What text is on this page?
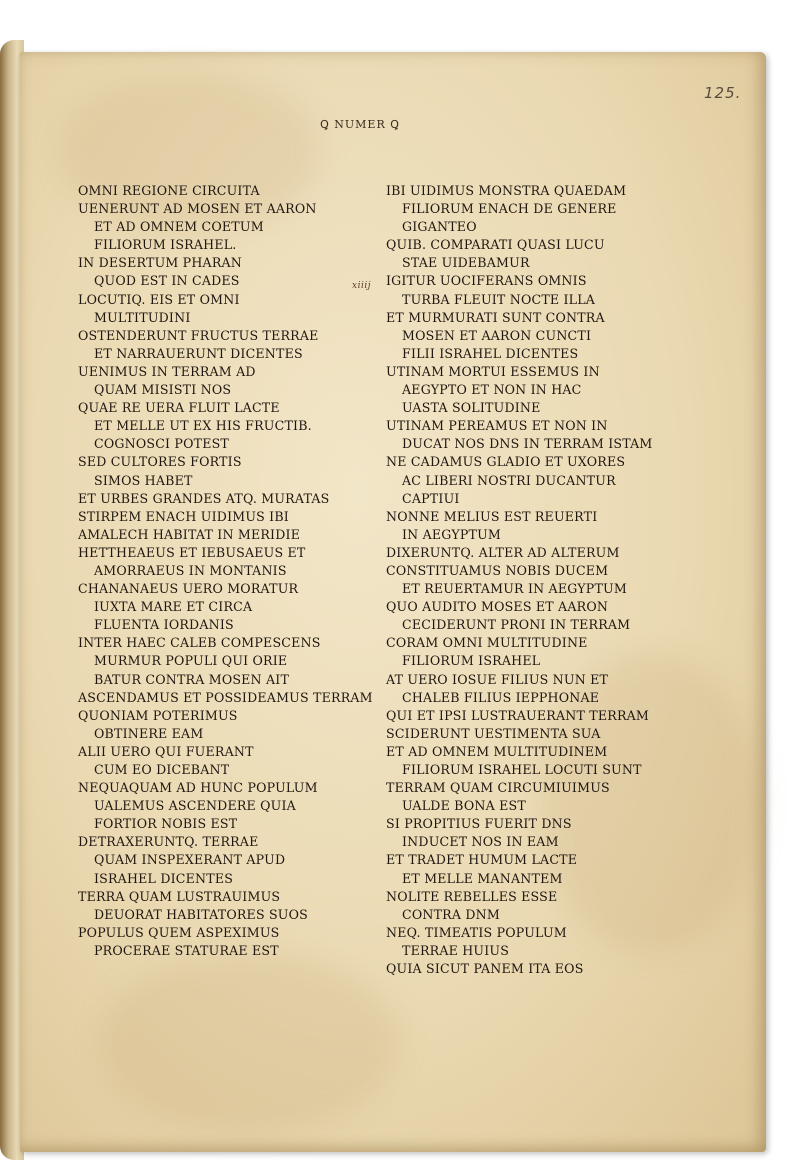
125.
Ꝗ NUMER Ꝗ
xiiij
OMNI REGIONE CIRCUITA
UENERUNT AD MOSEN ET AARON
ET AD OMNEM COETUM
FILIORUM ISRAHEL.
IN DESERTUM PHARAN
QUOD EST IN CADES
LOCUTIQ. EIS ET OMNI
MULTITUDINI
OSTENDERUNT FRUCTUS TERRAE
ET NARRAUERUNT DICENTES
UENIMUS IN TERRAM AD
QUAM MISISTI NOS
QUAE RE UERA FLUIT LACTE
ET MELLE UT EX HIS FRUCTIB.
COGNOSCI POTEST
SED CULTORES FORTIS
SIMOS HABET
ET URBES GRANDES ATQ. MURATAS
STIRPEM ENACH UIDIMUS IBI
AMALECH HABITAT IN MERIDIE
HETTHEAEUS ET IEBUSAEUS ET
AMORRAEUS IN MONTANIS
CHANANAEUS UERO MORATUR
IUXTA MARE ET CIRCA
FLUENTA IORDANIS
INTER HAEC CALEB COMPESCENS
MURMUR POPULI QUI ORIE
BATUR CONTRA MOSEN AIT
ASCENDAMUS ET POSSIDEAMUS TERRAM
QUONIAM POTERIMUS
OBTINERE EAM
ALII UERO QUI FUERANT
CUM EO DICEBANT
NEQUAQUAM AD HUNC POPULUM
UALEMUS ASCENDERE QUIA
FORTIOR NOBIS EST
DETRAXERUNTQ. TERRAE
QUAM INSPEXERANT APUD
ISRAHEL DICENTES
TERRA QUAM LUSTRAUIMUS
DEUORAT HABITATORES SUOS
POPULUS QUEM ASPEXIMUS
PROCERAE STATURAE EST
IBI UIDIMUS MONSTRA QUAEDAM
FILIORUM ENACH DE GENERE
GIGANTEO
QUIB. COMPARATI QUASI LUCU
STAE UIDEBAMUR
IGITUR UOCIFERANS OMNIS
TURBA FLEUIT NOCTE ILLA
ET MURMURATI SUNT CONTRA
MOSEN ET AARON CUNCTI
FILII ISRAHEL DICENTES
UTINAM MORTUI ESSEMUS IN
AEGYPTO ET NON IN HAC
UASTA SOLITUDINE
UTINAM PEREAMUS ET NON IN
DUCAT NOS DNS IN TERRAM ISTAM
NE CADAMUS GLADIO ET UXORES
AC LIBERI NOSTRI DUCANTUR
CAPTIUI
NONNE MELIUS EST REUERTI
IN AEGYPTUM
DIXERUNTQ. ALTER AD ALTERUM
CONSTITUAMUS NOBIS DUCEM
ET REUERTAMUR IN AEGYPTUM
QUO AUDITO MOSES ET AARON
CECIDERUNT PRONI IN TERRAM
CORAM OMNI MULTITUDINE
FILIORUM ISRAHEL
AT UERO IOSUE FILIUS NUN ET
CHALEB FILIUS IEPPHONAE
QUI ET IPSI LUSTRAUERANT TERRAM
SCIDERUNT UESTIMENTA SUA
ET AD OMNEM MULTITUDINEM
FILIORUM ISRAHEL LOCUTI SUNT
TERRAM QUAM CIRCUMIUIMUS
UALDE BONA EST
SI PROPITIUS FUERIT DNS
INDUCET NOS IN EAM
ET TRADET HUMUM LACTE
ET MELLE MANANTEM
NOLITE REBELLES ESSE
CONTRA DNM
NEQ. TIMEATIS POPULUM
TERRAE HUIUS
QUIA SICUT PANEM ITA EOS
